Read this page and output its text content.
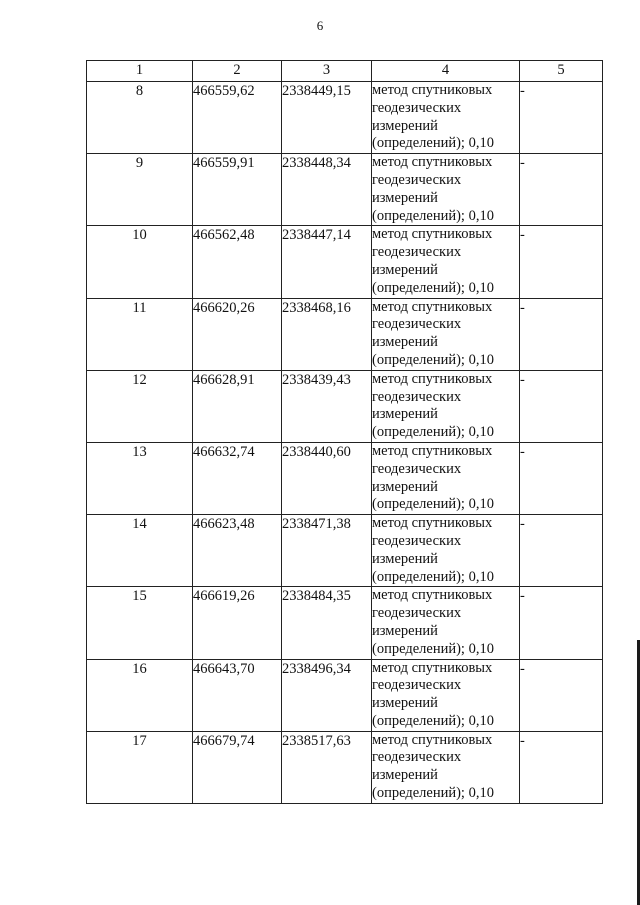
6
1	2	3	4	5
8	466559,62	2338449,15	метод спутниковых
геодезических
измерений
(определений); 0,10	-
9	466559,91	2338448,34	метод спутниковых
геодезических
измерений
(определений); 0,10	-
10	466562,48	2338447,14	метод спутниковых
геодезических
измерений
(определений); 0,10	-
11	466620,26	2338468,16	метод спутниковых
геодезических
измерений
(определений); 0,10	-
12	466628,91	2338439,43	метод спутниковых
геодезических
измерений
(определений); 0,10	-
13	466632,74	2338440,60	метод спутниковых
геодезических
измерений
(определений); 0,10	-
14	466623,48	2338471,38	метод спутниковых
геодезических
измерений
(определений); 0,10	-
15	466619,26	2338484,35	метод спутниковых
геодезических
измерений
(определений); 0,10	-
16	466643,70	2338496,34	метод спутниковых
геодезических
измерений
(определений); 0,10	-
17	466679,74	2338517,63	метод спутниковых
геодезических
измерений
(определений); 0,10	-
